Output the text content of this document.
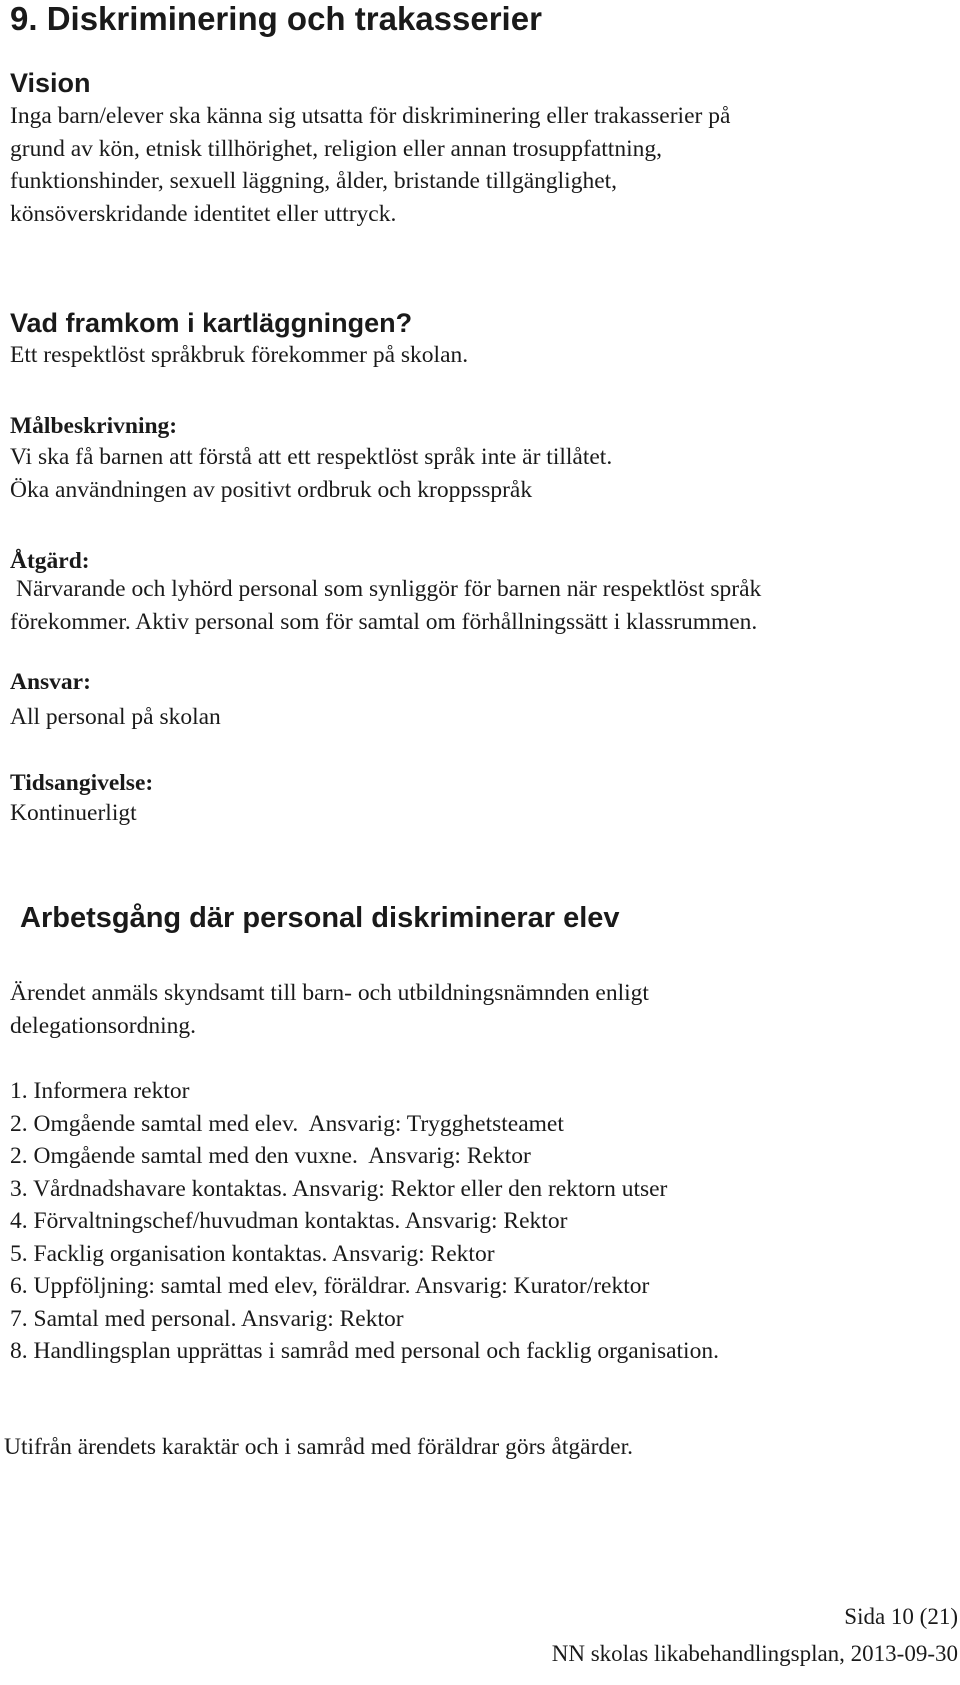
9. Diskriminering och trakasserier
Vision
Inga barn/elever ska känna sig utsatta för diskriminering eller trakasserier på
grund av kön, etnisk tillhörighet, religion eller annan trosuppfattning,
funktionshinder, sexuell läggning, ålder, bristande tillgänglighet,
könsöverskridande identitet eller uttryck.
Vad framkom i kartläggningen?
Ett respektlöst språkbruk förekommer på skolan.
Målbeskrivning:
Vi ska få barnen att förstå att ett respektlöst språk inte är tillåtet.
Öka användningen av positivt ordbruk och kroppsspråk
Åtgärd:
Närvarande och lyhörd personal som synliggör för barnen när respektlöst språk
förekommer. Aktiv personal som för samtal om förhållningssätt i klassrummen.
Ansvar:
All personal på skolan
Tidsangivelse:
Kontinuerligt
Arbetsgång där personal diskriminerar elev
Ärendet anmäls skyndsamt till barn- och utbildningsnämnden enligt
delegationsordning.
1. Informera rektor
2. Omgående samtal med elev.  Ansvarig: Trygghetsteamet
2. Omgående samtal med den vuxne.  Ansvarig: Rektor
3. Vårdnadshavare kontaktas. Ansvarig: Rektor eller den rektorn utser
4. Förvaltningschef/huvudman kontaktas. Ansvarig: Rektor
5. Facklig organisation kontaktas. Ansvarig: Rektor
6. Uppföljning: samtal med elev, föräldrar. Ansvarig: Kurator/rektor
7. Samtal med personal. Ansvarig: Rektor
8. Handlingsplan upprättas i samråd med personal och facklig organisation.
Utifrån ärendets karaktär och i samråd med föräldrar görs åtgärder.
Sida 10 (21)
NN skolas likabehandlingsplan, 2013-09-30
